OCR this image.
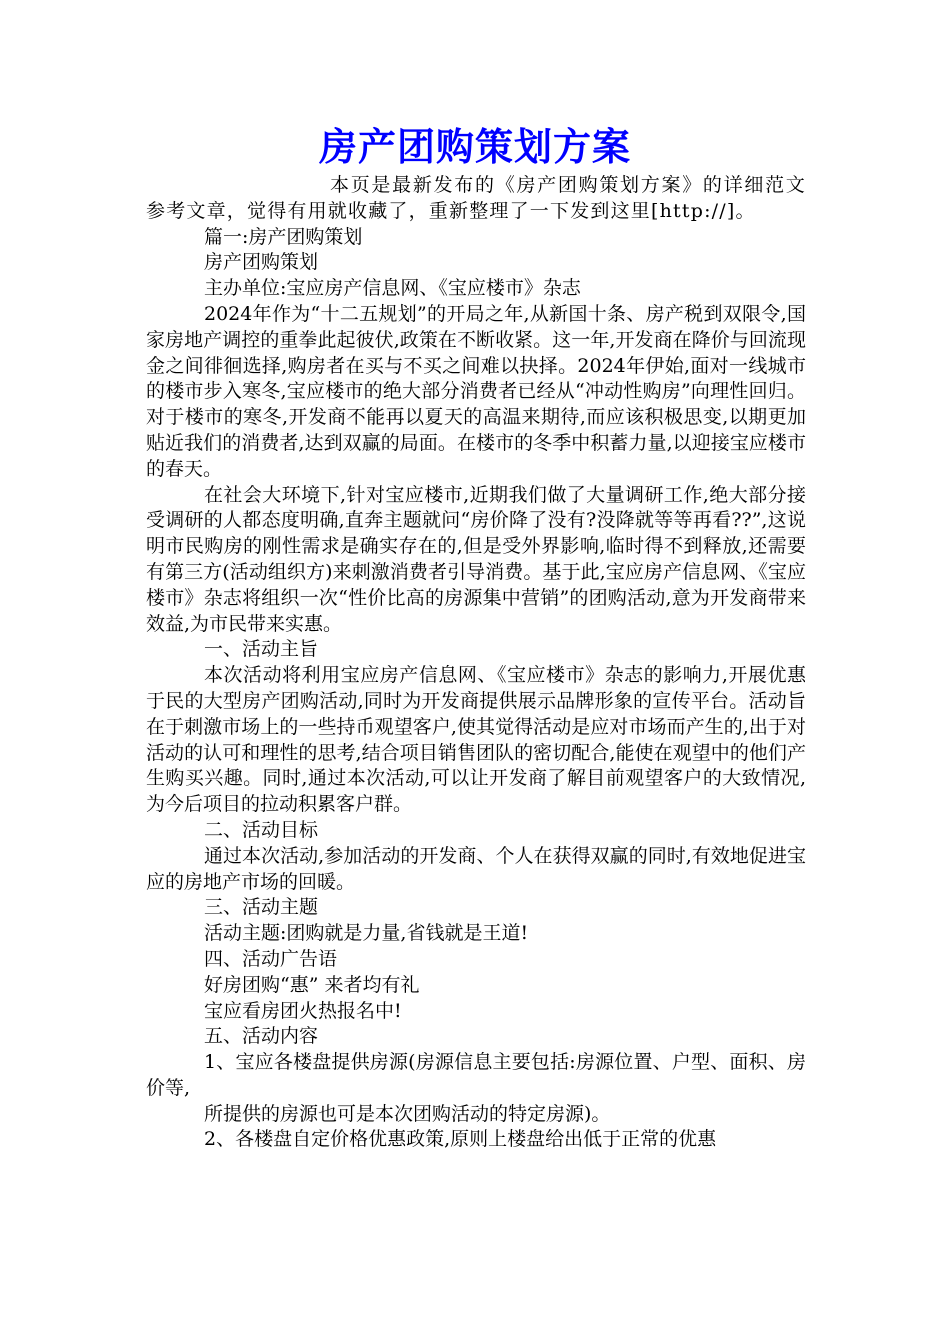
房产团购策划方案

本页是最新发布的《房产团购策划方案》的详细范文参考文章，觉得有用就收藏了，重新整理了一下发到这里[http://]。

篇一:房产团购策划

房产团购策划

主办单位:宝应房产信息网、《宝应楼市》杂志

2024年作为“十二五规划”的开局之年,从新国十条、房产税到双限令,国家房地产调控的重拳此起彼伏,政策在不断收紧。这一年,开发商在降价与回流现金之间徘徊选择,购房者在买与不买之间难以抉择。2024年伊始,面对一线城市的楼市步入寒冬,宝应楼市的绝大部分消费者已经从“冲动性购房”向理性回归。对于楼市的寒冬,开发商不能再以夏天的高温来期待,而应该积极思变,以期更加贴近我们的消费者,达到双赢的局面。在楼市的冬季中积蓄力量,以迎接宝应楼市的春天。

在社会大环境下,针对宝应楼市,近期我们做了大量调研工作,绝大部分接受调研的人都态度明确,直奔主题就问“房价降了没有?没降就等等再看??”,这说明市民购房的刚性需求是确实存在的,但是受外界影响,临时得不到释放,还需要有第三方(活动组织方)来刺激消费者引导消费。基于此,宝应房产信息网、《宝应楼市》杂志将组织一次“性价比高的房源集中营销”的团购活动,意为开发商带来效益,为市民带来实惠。

一、活动主旨

本次活动将利用宝应房产信息网、《宝应楼市》杂志的影响力,开展优惠于民的大型房产团购活动,同时为开发商提供展示品牌形象的宣传平台。活动旨在于刺激市场上的一些持币观望客户,使其觉得活动是应对市场而产生的,出于对活动的认可和理性的思考,结合项目销售团队的密切配合,能使在观望中的他们产生购买兴趣。同时,通过本次活动,可以让开发商了解目前观望客户的大致情况,为今后项目的拉动积累客户群。

二、活动目标

通过本次活动,参加活动的开发商、个人在获得双赢的同时,有效地促进宝应的房地产市场的回暖。

三、活动主题

活动主题:团购就是力量,省钱就是王道!

四、活动广告语

好房团购“惠” 来者均有礼

宝应看房团火热报名中!

五、活动内容

1、宝应各楼盘提供房源(房源信息主要包括:房源位置、户型、面积、房价等,

所提供的房源也可是本次团购活动的特定房源)。

2、各楼盘自定价格优惠政策,原则上楼盘给出低于正常的优惠
